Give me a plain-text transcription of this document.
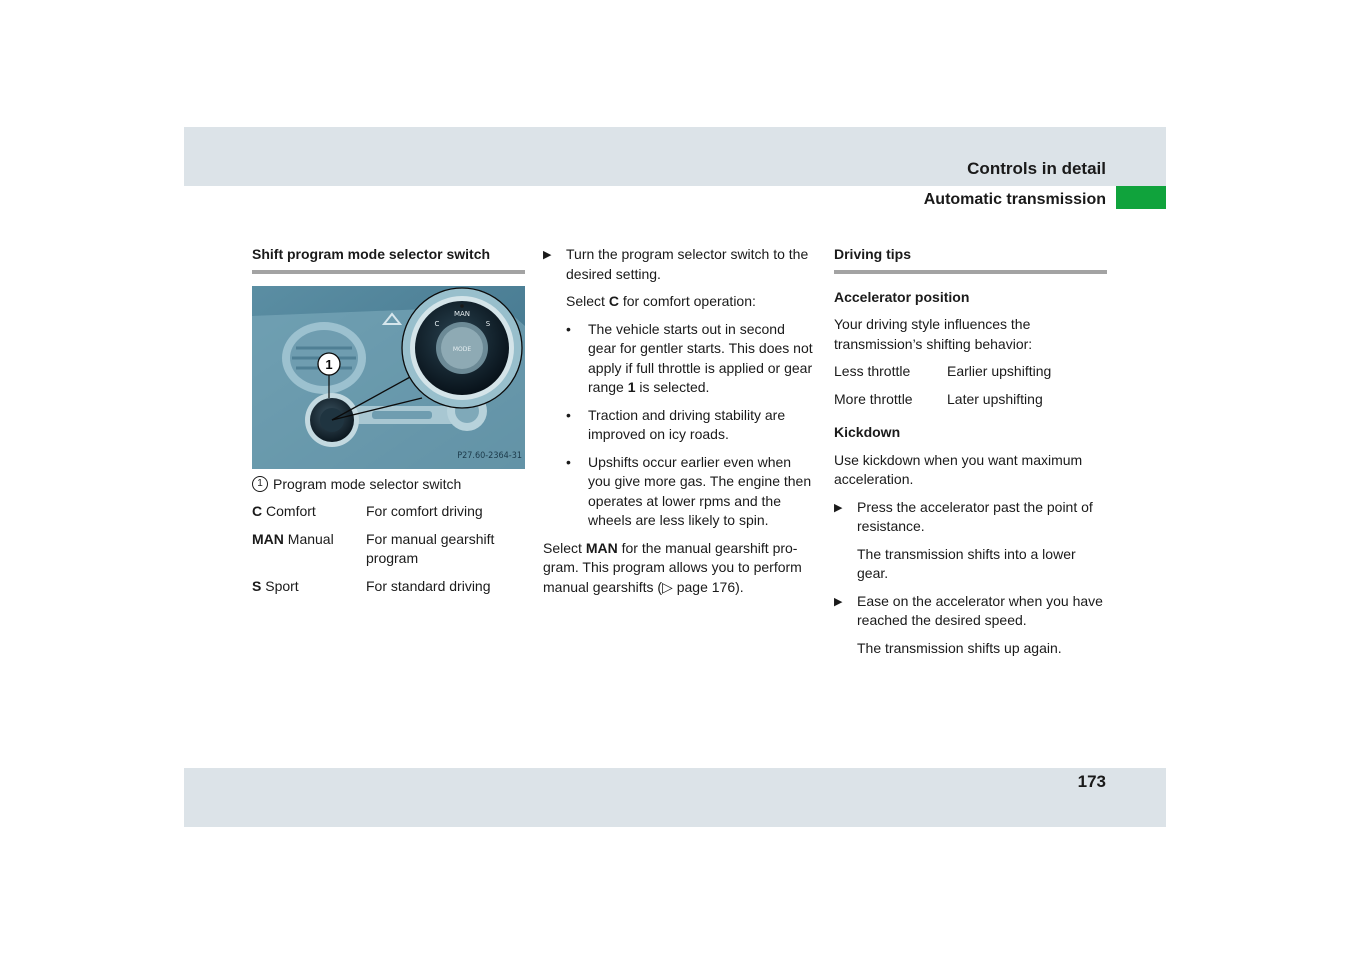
Controls in detail
Automatic transmission
Shift program mode selector switch
MAN
MODE
C	S
1
P27.60-2364-31
1 Program mode selector switch
C Comfort	For comfort driving
MAN Manual	For manual gearshift program
S Sport	For standard driving
▶	Turn the program selector switch to the desired setting.

Select C for comfort operation:

•	The vehicle starts out in second gear for gentler starts. This does not apply if full throttle is applied or gear range 1 is selected.
•	Traction and driving stability are improved on icy roads.
•	Upshifts occur earlier even when you give more gas. The engine then operates at lower rpms and the wheels are less likely to spin.

Select MAN for the manual gearshift pro-gram. This program allows you to perform manual gearshifts (▷ page 176).

Driving tips
Accelerator position

Your driving style influences the transmission’s shifting behavior:

Less throttle	Earlier upshifting
More throttle	Later upshifting
Kickdown

Use kickdown when you want maximum acceleration.

▶	Press the accelerator past the point of resistance.

The transmission shifts into a lower gear.

▶	Ease on the accelerator when you have reached the desired speed.

The transmission shifts up again.

173
